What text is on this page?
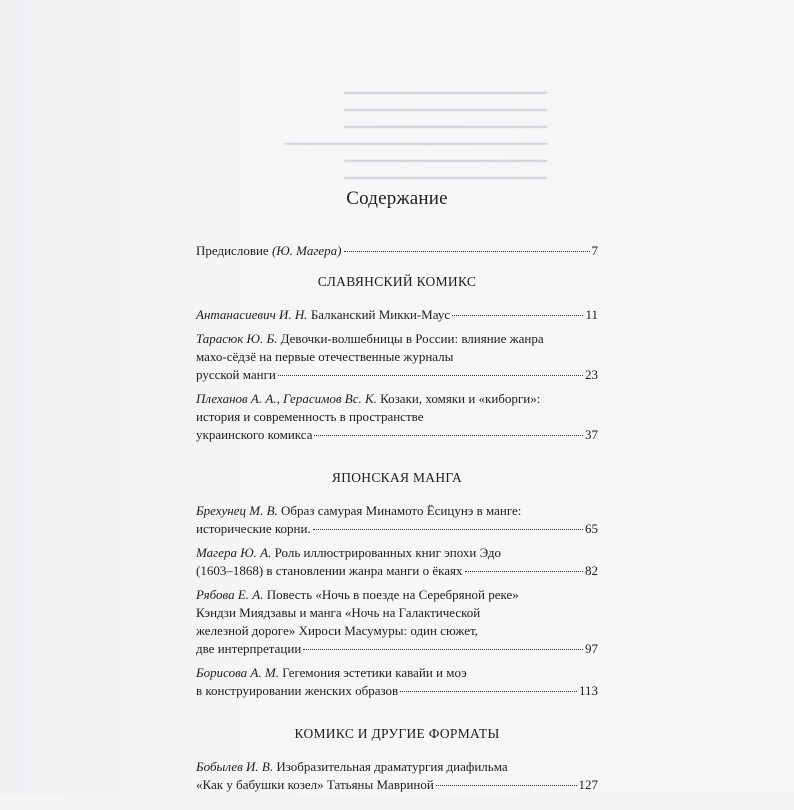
▁▁▁▁▁▁▁▁▁▁▁▁▁▁▁▁▁▁▁▁▁▁▁▁
▁▁▁▁▁▁▁▁▁▁▁▁▁▁▁▁▁▁▁▁▁▁▁▁
▁▁▁▁▁▁▁▁▁▁▁▁▁▁▁▁▁▁▁▁▁▁▁▁
▁▁▁▁▁▁▁▁▁▁▁▁▁▁▁▁▁▁▁▁▁▁▁▁▁▁▁▁▁▁▁
▁▁▁▁▁▁▁▁▁▁▁▁▁▁▁▁▁▁▁▁▁▁▁▁
▁▁▁▁▁▁▁▁▁▁▁▁▁▁▁▁▁▁▁▁▁▁▁▁
Содержание
Предисловие (Ю. Магера)	7
СЛАВЯНСКИЙ КОМИКС
Антанасиевич И. Н. Балканский Микки-Маус	11
Тарасюк Ю. Б. Девочки-волшебницы в России: влияние жанра
махо-сёдзё на первые отечественные журналы
русской манги	23
Плеханов А. А., Герасимов Вс. К. Козаки, хомяки и «киборги»:
история и современность в пространстве
украинского комикса	37
ЯПОНСКАЯ МАНГА
Брехунец М. В. Образ самурая Минамото Ёсицунэ в манге:
исторические корни.	65
Магера Ю. А. Роль иллюстрированных книг эпохи Эдо
(1603–1868) в становлении жанра манги о ёкаях	82
Рябова Е. А. Повесть «Ночь в поезде на Серебряной реке»
Кэндзи Миядзавы и манга «Ночь на Галактической
железной дороге» Хироси Масумуры: один сюжет,
две интерпретации	97
Борисова А. М. Гегемония эстетики кавайи и моэ
в конструировании женских образов	113
КОМИКС И ДРУГИЕ ФОРМАТЫ
Бобылев И. В. Изобразительная драматургия диафильма
«Как у бабушки козел» Татьяны Мавриной	127
